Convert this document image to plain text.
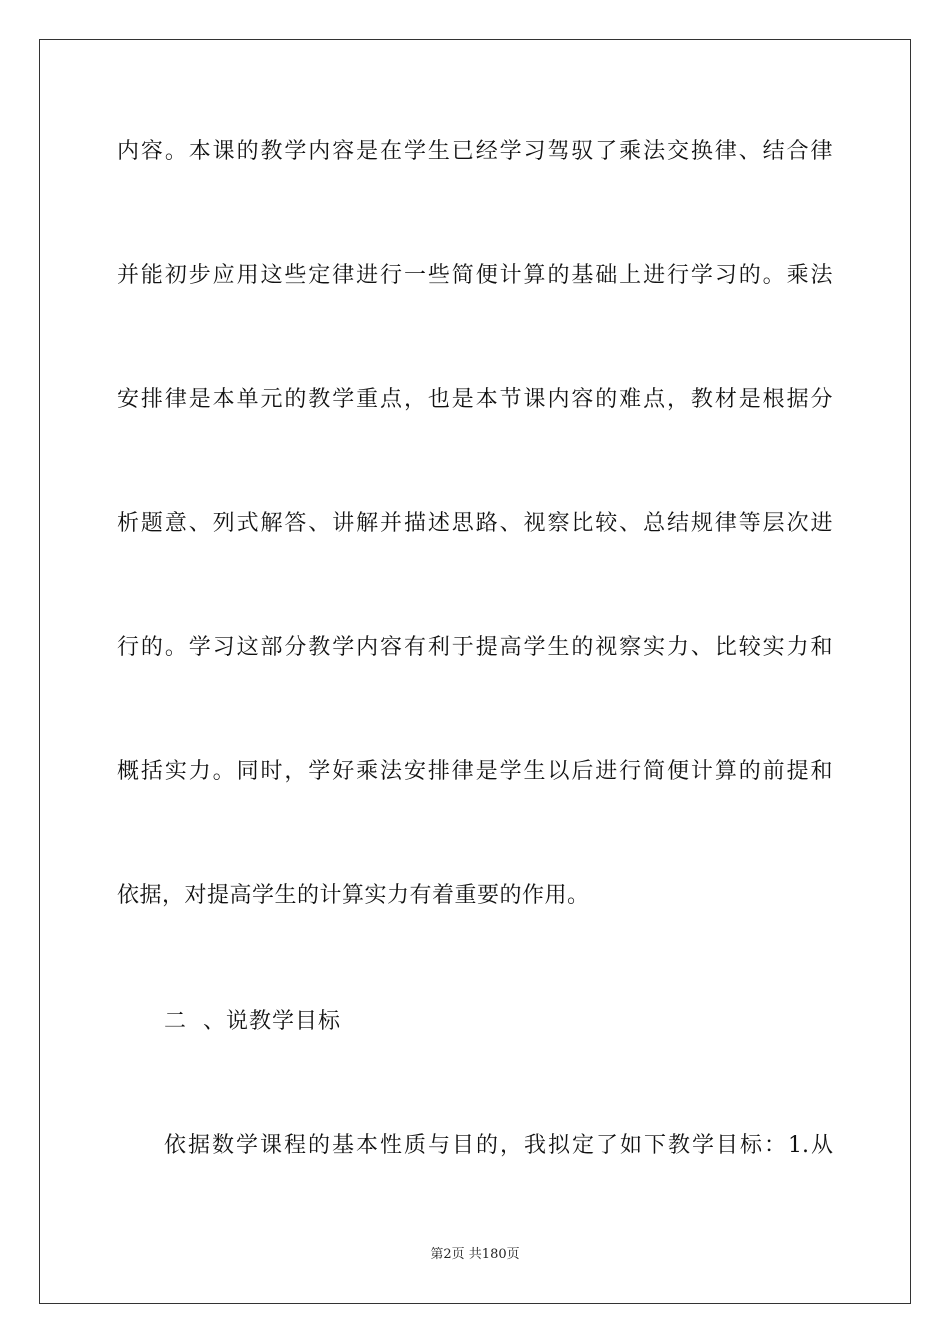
内容。本课的教学内容是在学生已经学习驾驭了乘法交换律、结合律
并能初步应用这些定律进行一些简便计算的基础上进行学习的。乘法
安排律是本单元的教学重点，也是本节课内容的难点，教材是根据分
析题意、列式解答、讲解并描述思路、视察比较、总结规律等层次进
行的。学习这部分教学内容有利于提高学生的视察实力、比较实力和
概括实力。同时，学好乘法安排律是学生以后进行简便计算的前提和
依据，对提高学生的计算实力有着重要的作用。
二  、说教学目标
依据数学课程的基本性质与目的，我拟定了如下教学目标：1.从
第2页 共180页
